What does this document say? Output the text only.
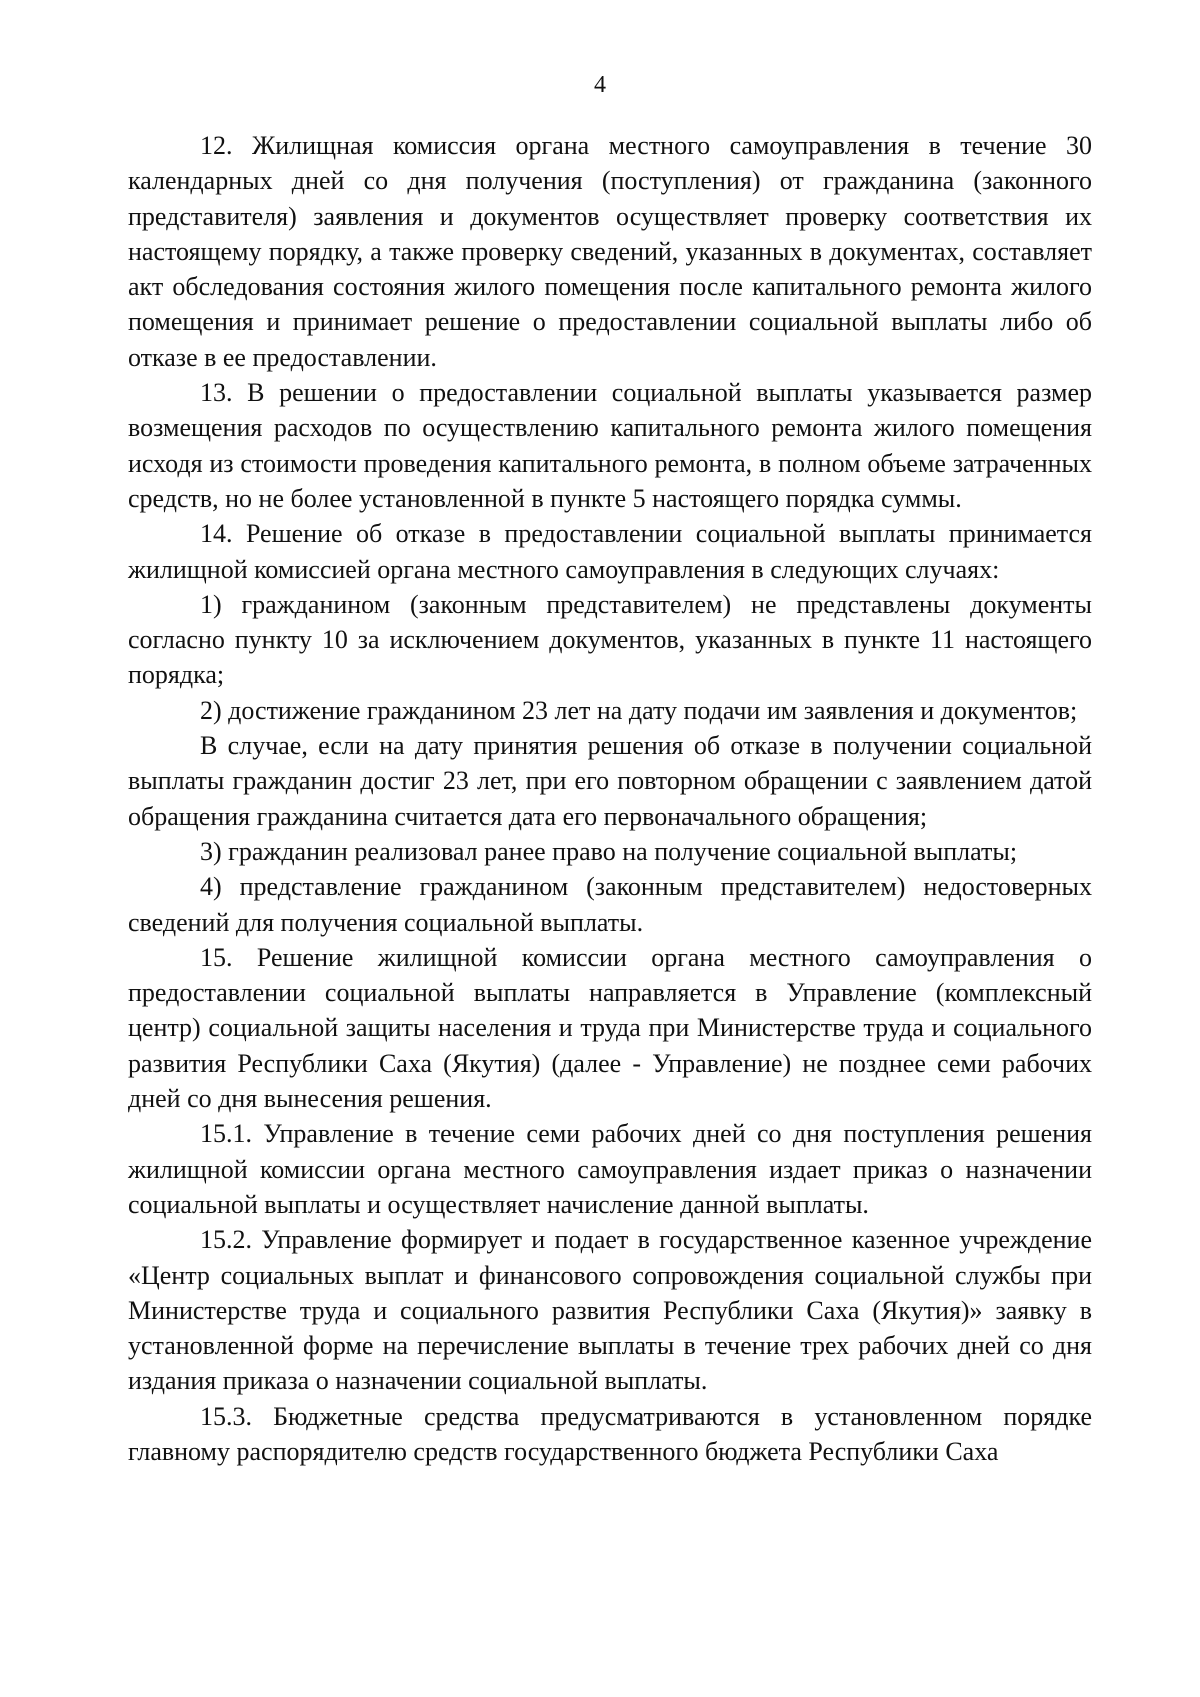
4

12. Жилищная комиссия органа местного самоуправления в течение 30 календарных дней со дня получения (поступления) от гражданина (законного представителя) заявления и документов осуществляет проверку соответствия их настоящему порядку, а также проверку сведений, указанных в документах, составляет акт обследования состояния жилого помещения после капитального ремонта жилого помещения и принимает решение о предоставлении социальной выплаты либо об отказе в ее предоставлении.

13. В решении о предоставлении социальной выплаты указывается размер возмещения расходов по осуществлению капитального ремонта жилого помещения исходя из стоимости проведения капитального ремонта, в полном объеме затраченных средств, но не более установленной в пункте 5 настоящего порядка суммы.

14. Решение об отказе в предоставлении социальной выплаты принимается жилищной комиссией органа местного самоуправления в следующих случаях:

1) гражданином (законным представителем) не представлены документы согласно пункту 10 за исключением документов, указанных в пункте 11 настоящего порядка;

2) достижение гражданином 23 лет на дату подачи им заявления и документов;

В случае, если на дату принятия решения об отказе в получении социальной выплаты гражданин достиг 23 лет, при его повторном обращении с заявлением датой обращения гражданина считается дата его первоначального обращения;

3) гражданин реализовал ранее право на получение социальной выплаты;

4) представление гражданином (законным представителем) недостоверных сведений для получения социальной выплаты.

15. Решение жилищной комиссии органа местного самоуправления о предоставлении социальной выплаты направляется в Управление (комплексный центр) социальной защиты населения и труда при Министерстве труда и социального развития Республики Саха (Якутия) (далее - Управление) не позднее семи рабочих дней со дня вынесения решения.

15.1. Управление в течение семи рабочих дней со дня поступления решения жилищной комиссии органа местного самоуправления издает приказ о назначении социальной выплаты и осуществляет начисление данной выплаты.

15.2. Управление формирует и подает в государственное казенное учреждение «Центр социальных выплат и финансового сопровождения социальной службы при Министерстве труда и социального развития Республики Саха (Якутия)» заявку в установленной форме на перечисление выплаты в течение трех рабочих дней со дня издания приказа о назначении социальной выплаты.

15.3. Бюджетные средства предусматриваются в установленном порядке главному распорядителю средств государственного бюджета Республики Саха
